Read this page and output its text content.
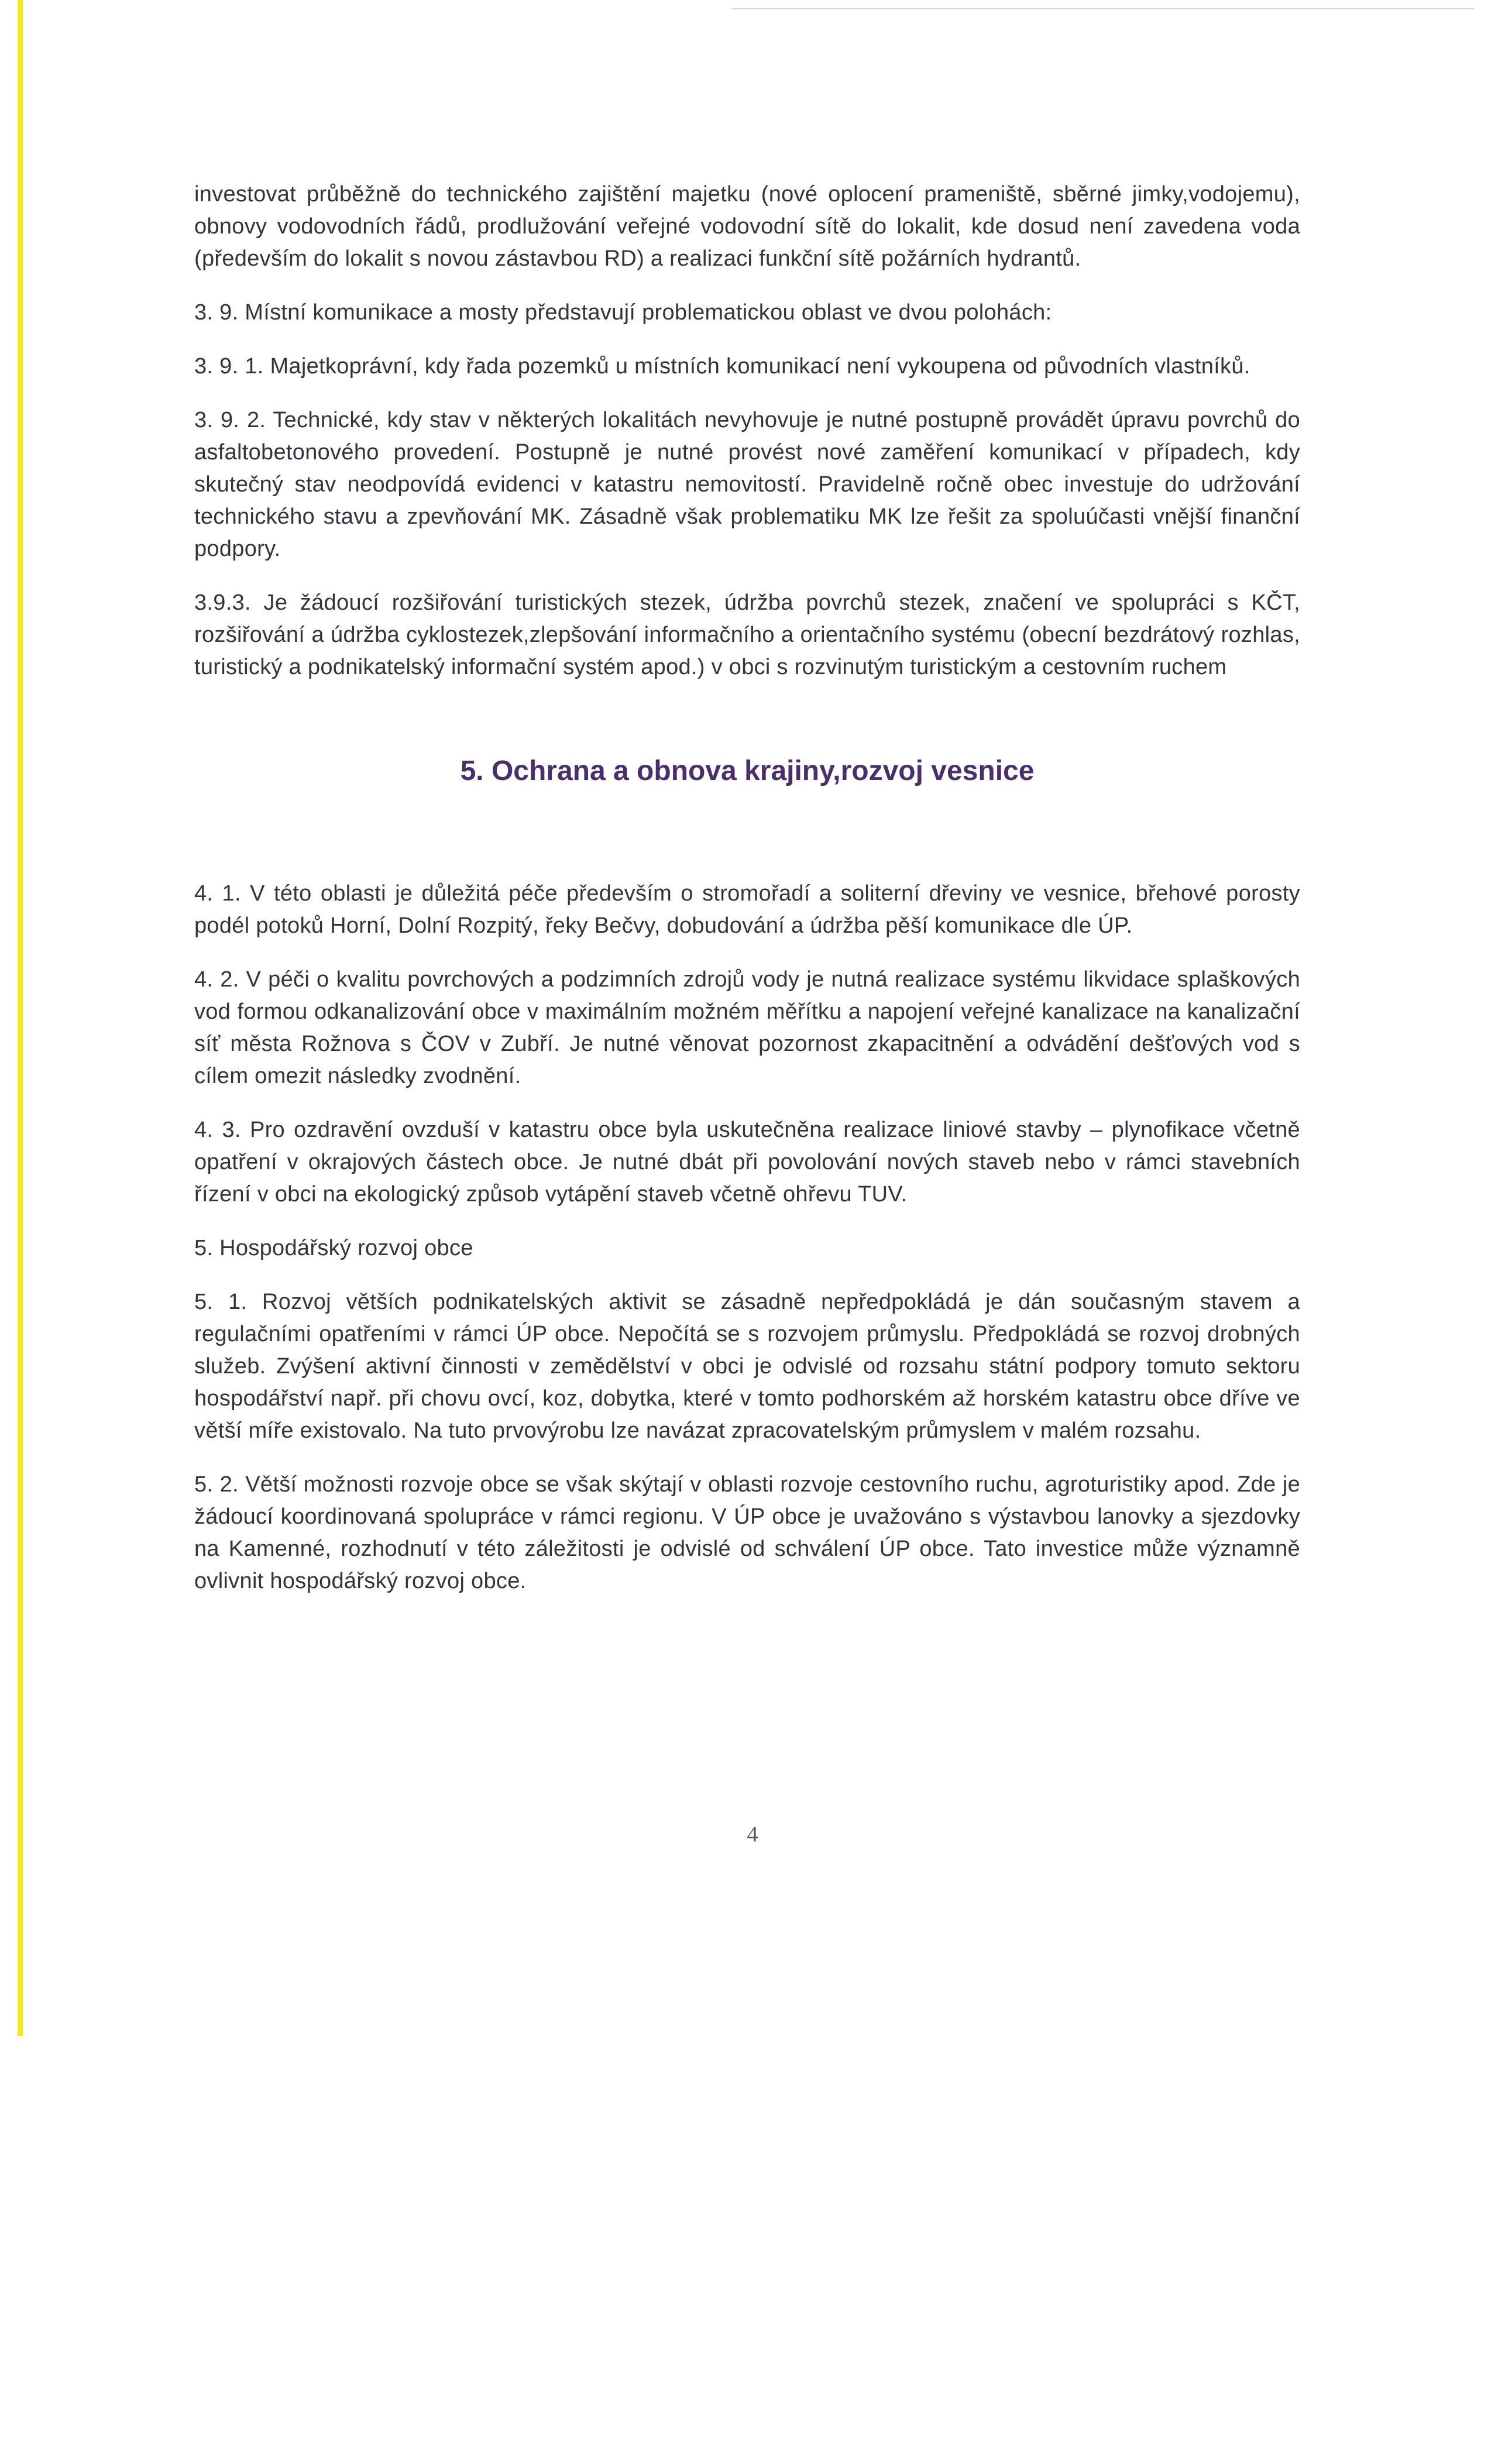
investovat průběžně do technického zajištění majetku (nové oplocení prameniště, sběrné jimky,vodojemu), obnovy vodovodních řádů, prodlužování veřejné vodovodní sítě do lokalit, kde dosud není zavedena voda (především do lokalit s novou zástavbou RD) a realizaci funkční sítě požárních hydrantů.

3. 9. Místní komunikace a mosty představují problematickou oblast ve dvou polohách:

3. 9. 1. Majetkoprávní, kdy řada pozemků u místních komunikací není vykoupena od původních vlastníků.

3. 9. 2. Technické, kdy stav v některých lokalitách nevyhovuje je nutné postupně provádět úpravu povrchů do asfaltobetonového provedení. Postupně je nutné provést nové zaměření komunikací v případech, kdy skutečný stav neodpovídá evidenci v katastru nemovitostí. Pravidelně ročně obec investuje do udržování technického stavu a zpevňování MK. Zásadně však problematiku MK lze řešit za spoluúčasti vnější finanční podpory.

3.9.3. Je žádoucí rozšiřování turistických stezek, údržba povrchů stezek, značení ve spolupráci s KČT, rozšiřování a údržba cyklostezek,zlepšování informačního a orientačního systému (obecní bezdrátový rozhlas, turistický a podnikatelský informační systém apod.) v obci s rozvinutým turistickým a cestovním ruchem

5. Ochrana a obnova krajiny,rozvoj vesnice

4. 1. V této oblasti je důležitá péče především o stromořadí a soliterní dřeviny ve vesnice, břehové porosty podél potoků Horní, Dolní Rozpitý, řeky Bečvy, dobudování a údržba pěší komunikace dle ÚP.

4. 2. V péči o kvalitu povrchových a podzimních zdrojů vody je nutná realizace systému likvidace splaškových vod formou odkanalizování obce v maximálním možném měřítku a napojení veřejné kanalizace na kanalizační síť města Rožnova s ČOV v Zubří. Je nutné věnovat pozornost zkapacitnění a odvádění dešťových vod s cílem omezit následky zvodnění.

4. 3. Pro ozdravění ovzduší v katastru obce byla uskutečněna realizace liniové stavby – plynofikace včetně opatření v okrajových částech obce. Je nutné dbát při povolování nových staveb nebo v rámci stavebních řízení v obci na ekologický způsob vytápění staveb včetně ohřevu TUV.

5. Hospodářský rozvoj obce

5. 1. Rozvoj větších podnikatelských aktivit se zásadně nepředpokládá je dán současným stavem a regulačními opatřeními v rámci ÚP obce. Nepočítá se s rozvojem průmyslu. Předpokládá se rozvoj drobných služeb. Zvýšení aktivní činnosti v zemědělství v obci je odvislé od rozsahu státní podpory tomuto sektoru hospodářství např. při chovu ovcí, koz, dobytka, které v tomto podhorském až horském katastru obce dříve ve větší míře existovalo. Na tuto prvovýrobu lze navázat zpracovatelským průmyslem v malém rozsahu.

5. 2. Větší možnosti rozvoje obce se však skýtají v oblasti rozvoje cestovního ruchu, agroturistiky apod. Zde je žádoucí koordinovaná spolupráce v rámci regionu. V ÚP obce je uvažováno s výstavbou lanovky a sjezdovky na Kamenné, rozhodnutí v této záležitosti je odvislé od schválení ÚP obce. Tato investice může významně ovlivnit hospodářský rozvoj obce.

4
